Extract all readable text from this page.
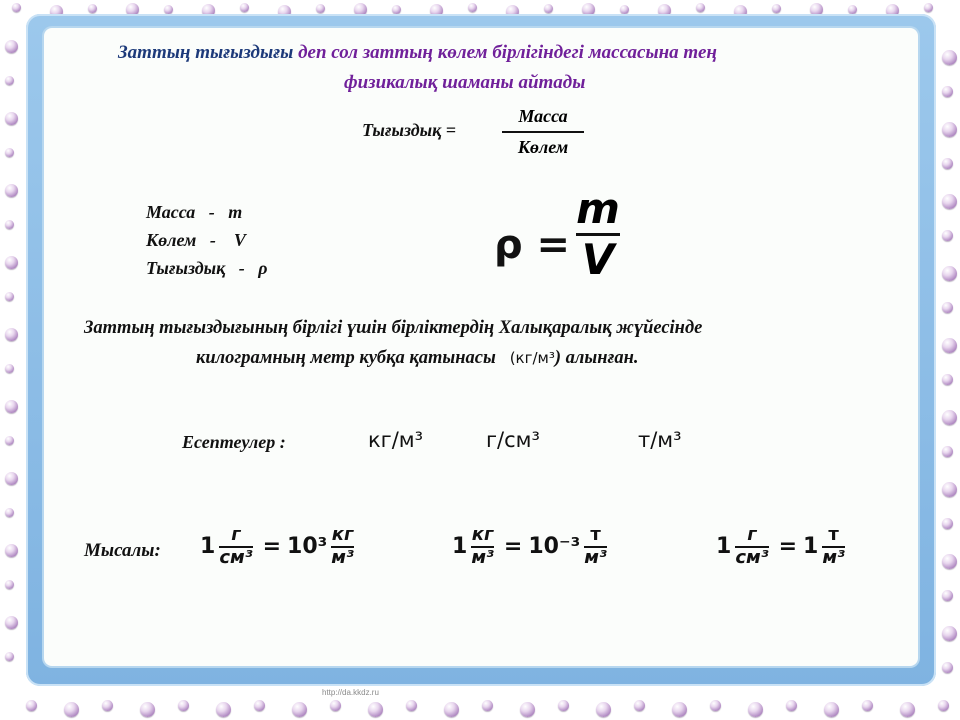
Заттың тығыздығы деп сол заттың көлем бірлігіндегі массасына тең
физикалық шаманы айтады
Тығыздық =
Масса
Көлем
Масса - m
Көлем - V
Тығыздық - ρ	ρ =
m
V
Заттың тығыздығының бірлігі үшін бірліктердің Халықаралық жүйесінде
килограмның метр кубқа қатынасы   (кг/м³) алынған.
Есептеулер :	кг/м³	г/см³	т/м³
Мысалы: 1 г
см³ = 10³ кг
м³	1 кг
м³ = 10⁻³ т
м³	1 г
см³ = 1 т
м³
http://da.kkdz.ru
